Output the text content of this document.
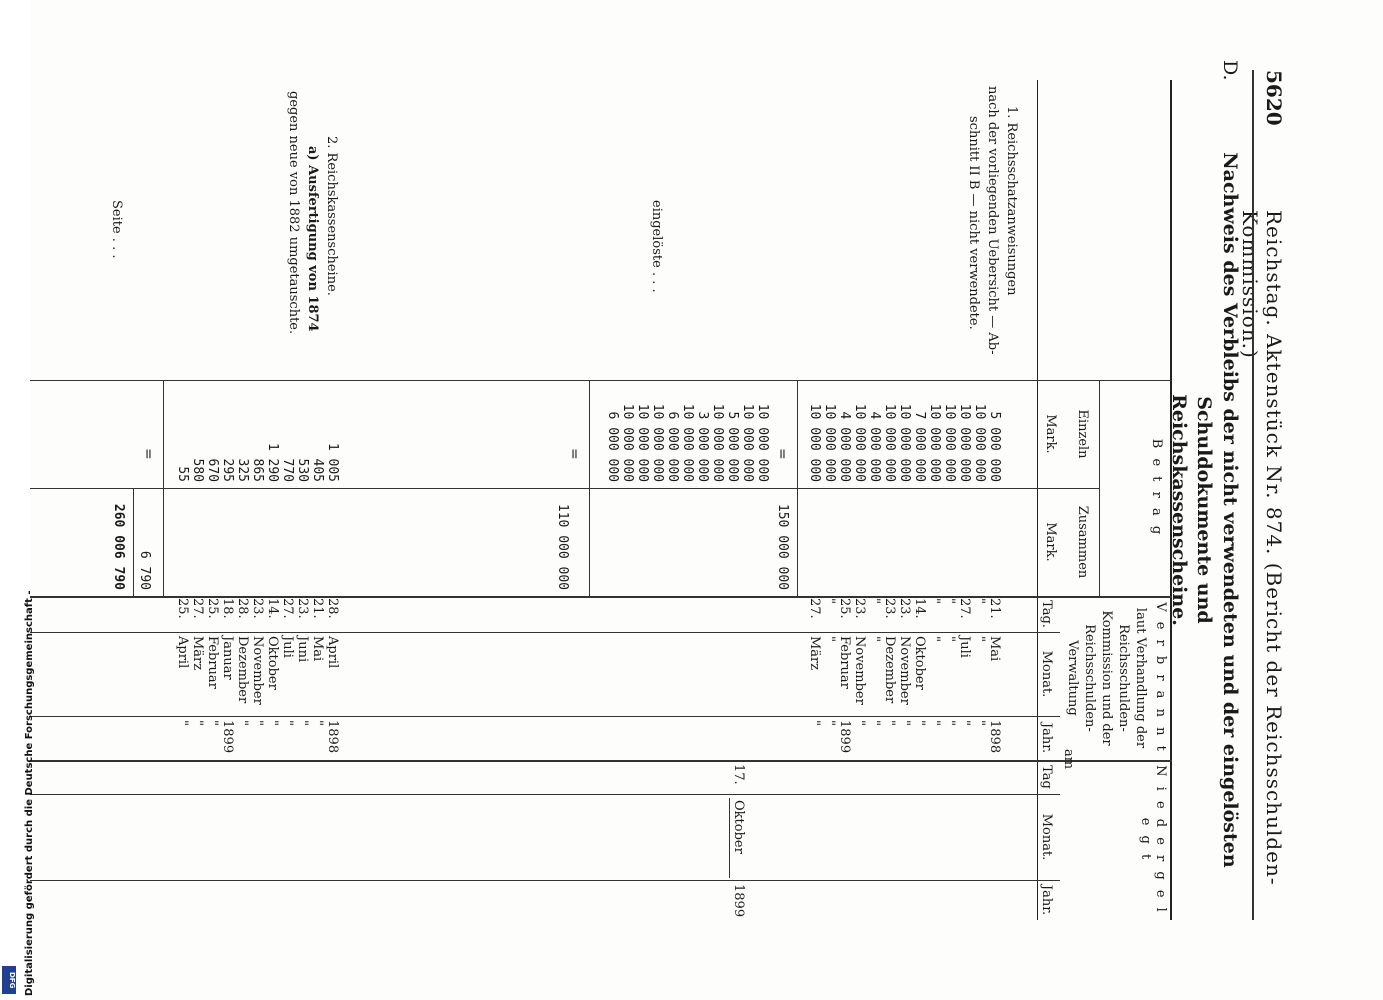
5620
Reichstag. Aktenstück Nr. 874. (Bericht der Reichsschulden-Kommission.)
D.
Nachweis des Verbleibs der nicht verwendeten und der eingelösten Schuldokumente und
Reichskassenscheine.
B e t r a g
Einzeln
Zusammen
Mark.
Mark.
V e r b r a n n t
laut Verhandlung der Reichsschulden-Kommission und der Reichsschulden-Verwaltung
am
Tag.
Monat.
Jahr.
N i e d e r g e l e g t
Tag
Monat.
Jahr.
1. Reichsschatzanweisungen
nach der vorliegenden Uebersicht — Ab-
schnitt II B — nicht verwendete.
eingelöste . . .
2. Reichskassenscheine.
a) Ausfertigung von 1874
gegen neue von 1882 umgetauschte.
Seite . . .
5 000 000
10 000 000
10 000 000
10 000 000
10 000 000
7 000 000
10 000 000
10 000 000
4 000 000
10 000 000
4 000 000
10 000 000
10 000 000
21.
"
27.
"
"
14.
23.
23.
"
23.
25.
"
27.
Mai
"
Juli
"
"
Oktober
November
Dezember
"
November
Februar
"
März
1898
"
"
"
"
"
"
"
"
"
1899
"
"
=
10 000 000
10 000 000
5 000 000
10 000 000
3 000 000
10 000 000
6 000 000
10 000 000
10 000 000
10 000 000
6 000 000
150 000 000
17.
Oktober
1899
=
110 000 000
1 005
405
530
770
1 290
865
325
295
670
580
55
28.
21.
23.
27.
14.
23.
28.
18.
25.
27.
25.
April
Mai
Juni
Juli
Oktober
November
Dezember
Januar
Februar
März
April
1898
"
"
"
"
"
"
1899
"
"
"
=
6 790
260 006 790
Digitalisierung gefördert durch die Deutsche Forschungsgemeinschaft -
DFG
